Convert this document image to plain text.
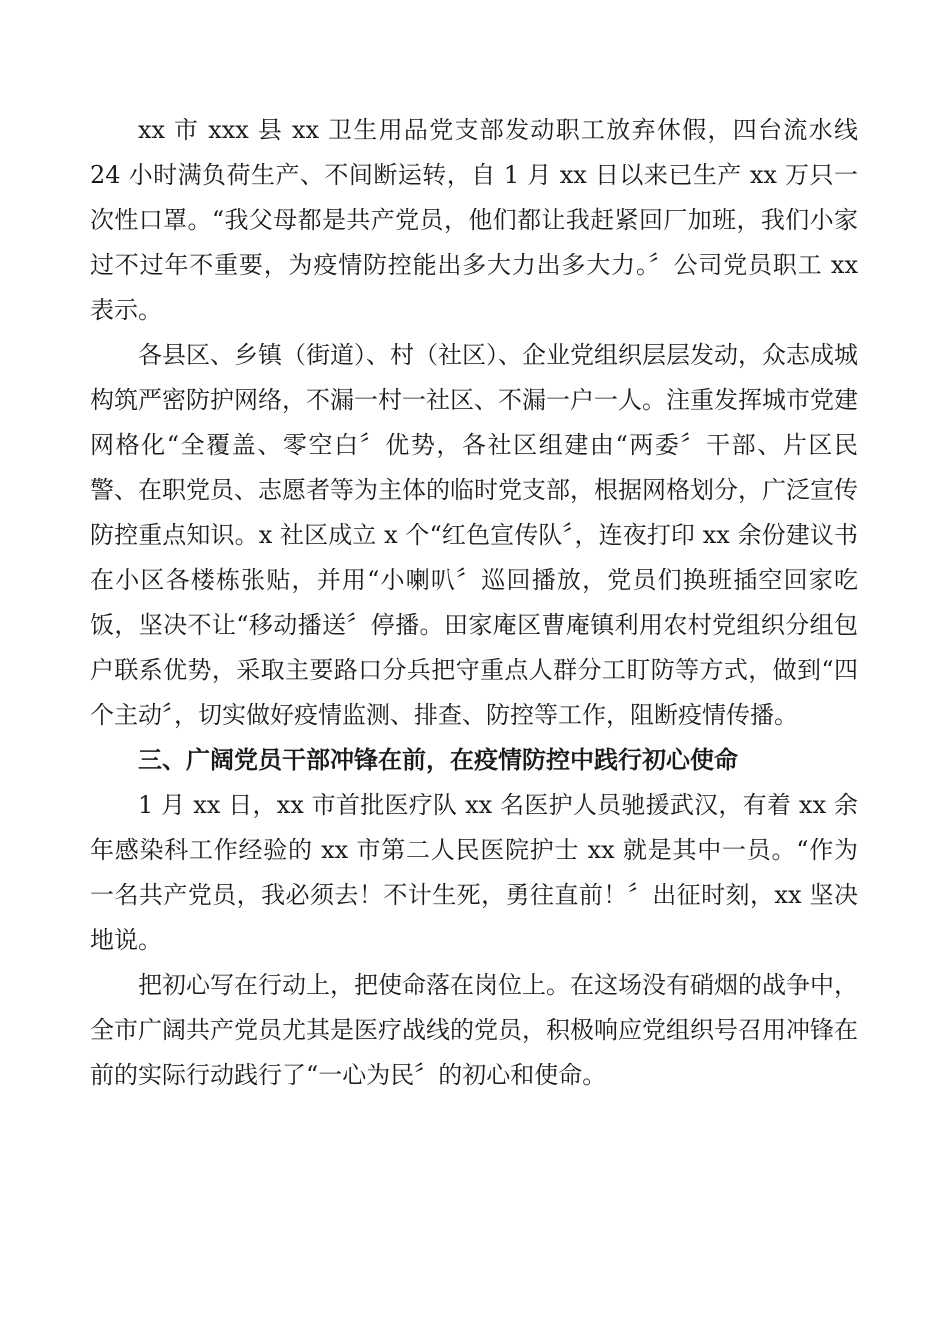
xx 市 xxx 县 xx 卫生用品党支部发动职工放弃休假，四台流水线 24 小时满负荷生产、不间断运转，自 1 月 xx 日以来已生产 xx 万只一次性口罩。“我父母都是共产党员，他们都让我赶紧回厂加班，我们小家过不过年不重要，为疫情防控能出多大力出多大力。〞公司党员职工 xx 表示。

各县区、乡镇（街道）、村（社区）、企业党组织层层发动，众志成城构筑严密防护网络，不漏一村一社区、不漏一户一人。注重发挥城市党建网格化“全覆盖、零空白〞优势，各社区组建由“两委〞干部、片区民警、在职党员、志愿者等为主体的临时党支部，根据网格划分，广泛宣传防控重点知识。x 社区成立 x 个“红色宣传队〞，连夜打印 xx 余份建议书在小区各楼栋张贴，并用“小喇叭〞巡回播放，党员们换班插空回家吃饭，坚决不让“移动播送〞停播。田家庵区曹庵镇利用农村党组织分组包户联系优势，采取主要路口分兵把守重点人群分工盯防等方式，做到“四个主动〞，切实做好疫情监测、排查、防控等工作，阻断疫情传播。

三、广阔党员干部冲锋在前，在疫情防控中践行初心使命

1 月 xx 日，xx 市首批医疗队 xx 名医护人员驰援武汉，有着 xx 余年感染科工作经验的 xx 市第二人民医院护士 xx 就是其中一员。“作为一名共产党员，我必须去！不计生死，勇往直前！〞出征时刻，xx 坚决地说。

把初心写在行动上，把使命落在岗位上。在这场没有硝烟的战争中，全市广阔共产党员尤其是医疗战线的党员，积极响应党组织号召用冲锋在前的实际行动践行了“一心为民〞的初心和使命。
